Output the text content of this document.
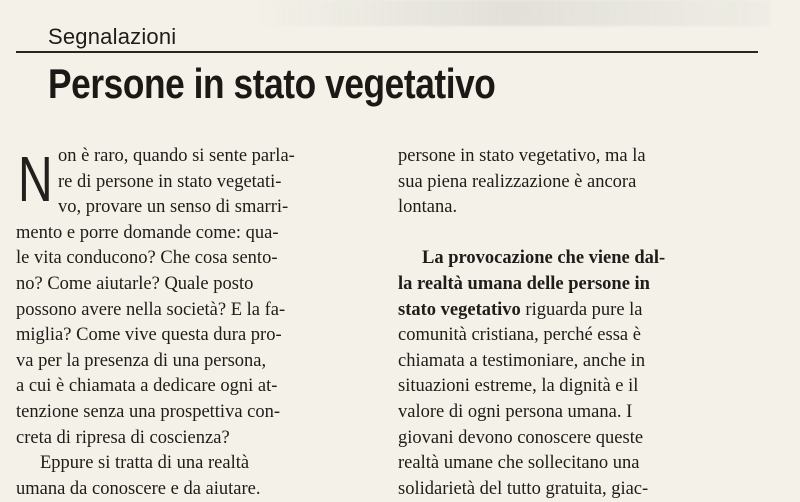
Segnalazioni
Persone in stato vegetativo
N on è raro, quando si sente parla-
re di persone in stato vegetati-
vo, provare un senso di smarri-
mento e porre domande come: qua-
le vita conducono? Che cosa sento-
no? Come aiutarle? Quale posto
possono avere nella società? E la fa-
miglia? Come vive questa dura pro-
va per la presenza di una persona,
a cui è chiamata a dedicare ogni at-
tenzione senza una prospettiva con-
creta di ripresa di coscienza?
Eppure si tratta di una realtà
umana da conoscere e da aiutare.
persone in stato vegetativo, ma la
sua piena realizzazione è ancora
lontana.
La provocazione che viene dal-
la realtà umana delle persone in
stato vegetativo riguarda pure la
comunità cristiana, perché essa è
chiamata a testimoniare, anche in
situazioni estreme, la dignità e il
valore di ogni persona umana. I
giovani devono conoscere queste
realtà umane che sollecitano una
solidarietà del tutto gratuita, giac-
